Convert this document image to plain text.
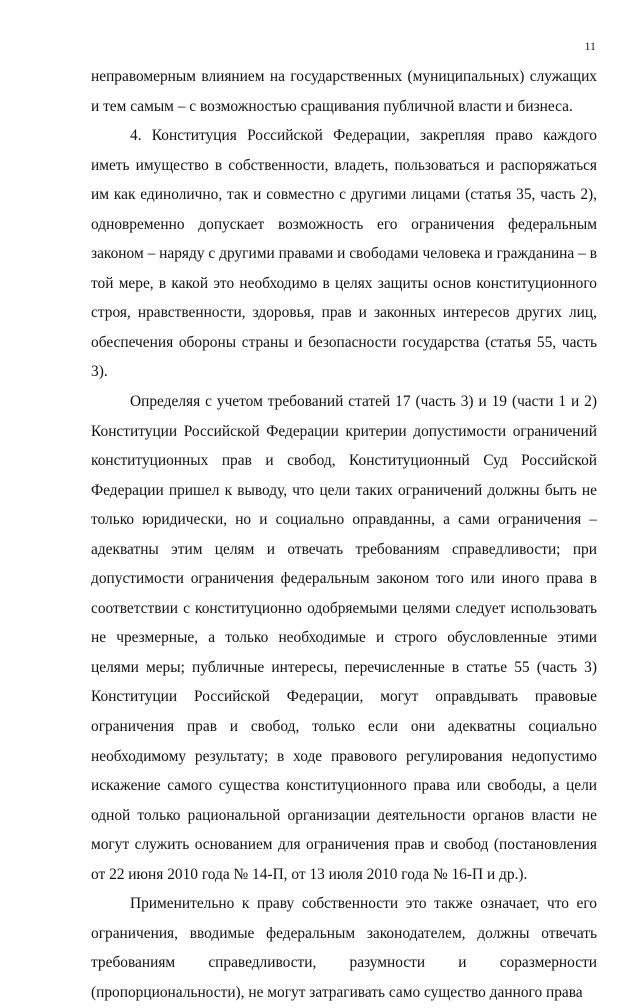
11

неправомерным влиянием на государственных (муниципальных) служащих и тем самым – с возможностью сращивания публичной власти и бизнеса.

4. Конституция Российской Федерации, закрепляя право каждого иметь имущество в собственности, владеть, пользоваться и распоряжаться им как единолично, так и совместно с другими лицами (статья 35, часть 2), одновременно допускает возможность его ограничения федеральным законом – наряду с другими правами и свободами человека и гражданина – в той мере, в какой это необходимо в целях защиты основ конституционного строя, нравственности, здоровья, прав и законных интересов других лиц, обеспечения обороны страны и безопасности государства (статья 55, часть 3).

Определяя с учетом требований статей 17 (часть 3) и 19 (части 1 и 2) Конституции Российской Федерации критерии допустимости ограничений конституционных прав и свобод, Конституционный Суд Российской Федерации пришел к выводу, что цели таких ограничений должны быть не только юридически, но и социально оправданны, а сами ограничения – адекватны этим целям и отвечать требованиям справедливости; при допустимости ограничения федеральным законом того или иного права в соответствии с конституционно одобряемыми целями следует использовать не чрезмерные, а только необходимые и строго обусловленные этими целями меры; публичные интересы, перечисленные в статье 55 (часть 3) Конституции Российской Федерации, могут оправдывать правовые ограничения прав и свобод, только если они адекватны социально необходимому результату; в ходе правового регулирования недопустимо искажение самого существа конституционного права или свободы, а цели одной только рациональной организации деятельности органов власти не могут служить основанием для ограничения прав и свобод (постановления от 22 июня 2010 года № 14-П, от 13 июля 2010 года № 16-П и др.).

Применительно к праву собственности это также означает, что его ограничения, вводимые федеральным законодателем, должны отвечать требованиям справедливости, разумности и соразмерности (пропорциональности), не могут затрагивать само существо данного права
